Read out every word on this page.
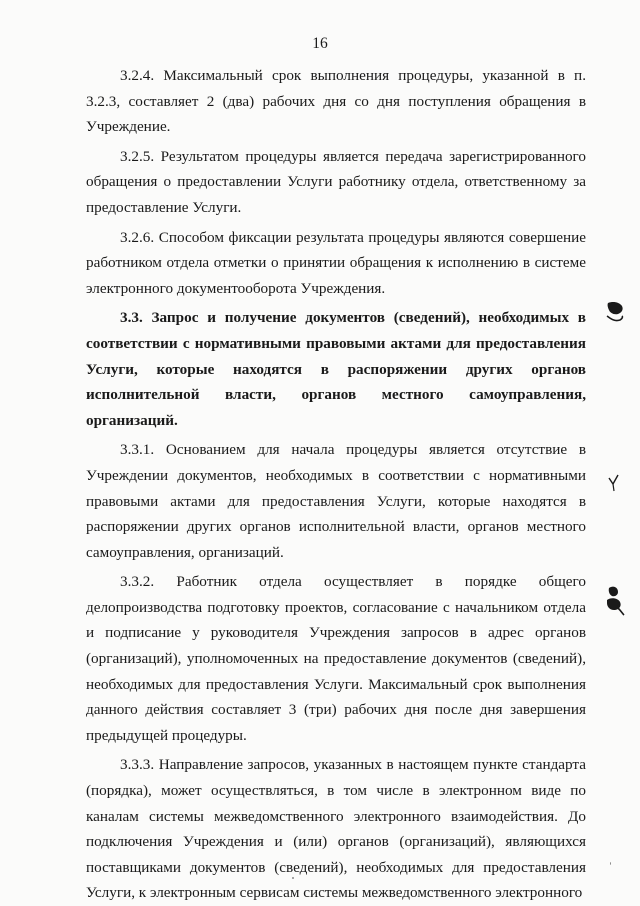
16

3.2.4. Максимальный срок выполнения процедуры, указанной в п. 3.2.3, составляет 2 (два) рабочих дня со дня поступления обращения в Учреждение.

3.2.5. Результатом процедуры является передача зарегистрированного обращения о предоставлении Услуги работнику отдела, ответственному за предоставление Услуги.

3.2.6. Способом фиксации результата процедуры являются совершение работником отдела отметки о принятии обращения к исполнению в системе электронного документооборота Учреждения.

3.3. Запрос и получение документов (сведений), необходимых в соответствии с нормативными правовыми актами для предоставления Услуги, которые находятся в распоряжении других органов исполнительной власти, органов местного самоуправления, организаций.

3.3.1. Основанием для начала процедуры является отсутствие в Учреждении документов, необходимых в соответствии с нормативными правовыми актами для предоставления Услуги, которые находятся в распоряжении других органов исполнительной власти, органов местного самоуправления, организаций.

3.3.2. Работник отдела осуществляет в порядке общего делопроизводства подготовку проектов, согласование с начальником отдела и подписание у руководителя Учреждения запросов в адрес органов (организаций), уполномоченных на предоставление документов (сведений), необходимых для предоставления Услуги. Максимальный срок выполнения данного действия составляет 3 (три) рабочих дня после дня завершения предыдущей процедуры.

3.3.3. Направление запросов, указанных в настоящем пункте стандарта (порядка), может осуществляться, в том числе в электронном виде по каналам системы межведомственного электронного взаимодействия. До подключения Учреждения и (или) органов (организаций), являющихся поставщиками документов (сведений), необходимых для предоставления Услуги, к электронным сервисам системы межведомственного электронного
